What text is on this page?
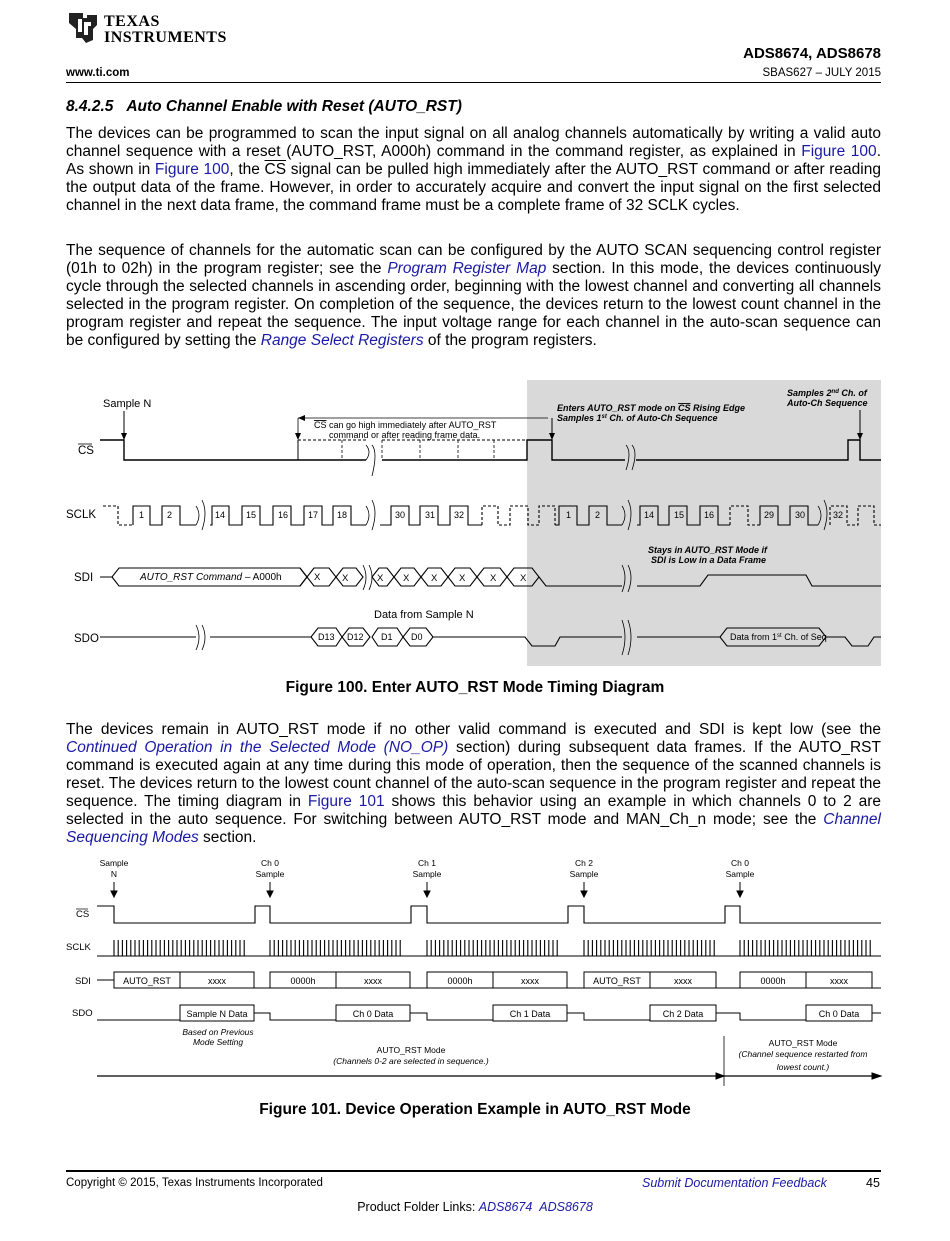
TEXAS
INSTRUMENTS
ADS8674, ADS8678
www.ti.com	SBAS627 – JULY 2015
8.4.2.5 Auto Channel Enable with Reset (AUTO_RST)
The devices can be programmed to scan the input signal on all analog channels automatically by writing a valid auto channel sequence with a reset (AUTO_RST, A000h) command in the command register, as explained in Figure 100. As shown in Figure 100, the $\overline{CS}$ signal can be pulled high immediately after the AUTO_RST command or after reading the output data of the frame. However, in order to accurately acquire and convert the input signal on the first selected channel in the next data frame, the command frame must be a complete frame of 32 SCLK cycles.
The sequence of channels for the automatic scan can be configured by the AUTO SCAN sequencing control register (01h to 02h) in the program register; see the Program Register Map section. In this mode, the devices continuously cycle through the selected channels in ascending order, beginning with the lowest channel and converting all channels selected in the program register. On completion of the sequence, the devices return to the lowest count channel in the program register and repeat the sequence. The input voltage range for each channel in the auto-scan sequence can be configured by setting the Range Select Registers of the program registers.
CS
SCLK
SDI
SDO
Sample N
CS can go high immediately after AUTO_RST
command or after reading frame data.
Enters AUTO_RST mode on CS Rising Edge
Samples 1st Ch. of Auto-Ch Sequence
Samples 2nd Ch. of
Auto-Ch Sequence
1	2	14 15 16 17 18	30 31 32	1	2	14 15 16	29 30	32
AUTO_RST Command – A000h	X X	X X X X	X X
Stays in AUTO_RST Mode if
SDI is Low in a Data Frame
Data from Sample N
D13 D12 D1 D0	Data from 1st Ch. of Seq
Figure 100. Enter AUTO_RST Mode Timing Diagram
The devices remain in AUTO_RST mode if no other valid command is executed and SDI is kept low (see the Continued Operation in the Selected Mode (NO_OP) section) during subsequent data frames. If the AUTO_RST command is executed again at any time during this mode of operation, then the sequence of the scanned channels is reset. The devices return to the lowest count channel of the auto-scan sequence in the program register and repeat the sequence. The timing diagram in Figure 101 shows this behavior using an example in which channels 0 to 2 are selected in the auto sequence. For switching between AUTO_RST mode and MAN_Ch_n mode; see the Channel Sequencing Modes section.
CS
SCLK
SDI
SDO
Sample
N
Ch 0
Sample
Ch 1
Sample
Ch 2
Sample
Ch 0
Sample
AUTO_RST	xxxx	0000h	xxxx	0000h	xxxx	AUTO_RST	xxxx	0000h	xxxx
Sample N Data	Ch 0 Data	Ch 1 Data	Ch 2 Data	Ch 0 Data
Based on Previous
Mode Setting
AUTO_RST Mode
(Channels 0-2 are selected in sequence.)
AUTO_RST Mode
(Channel sequence restarted from
lowest count.)
Figure 101. Device Operation Example in AUTO_RST Mode
Copyright © 2015, Texas Instruments Incorporated	Submit Documentation Feedback	45
Product Folder Links: ADS8674 ADS8678
